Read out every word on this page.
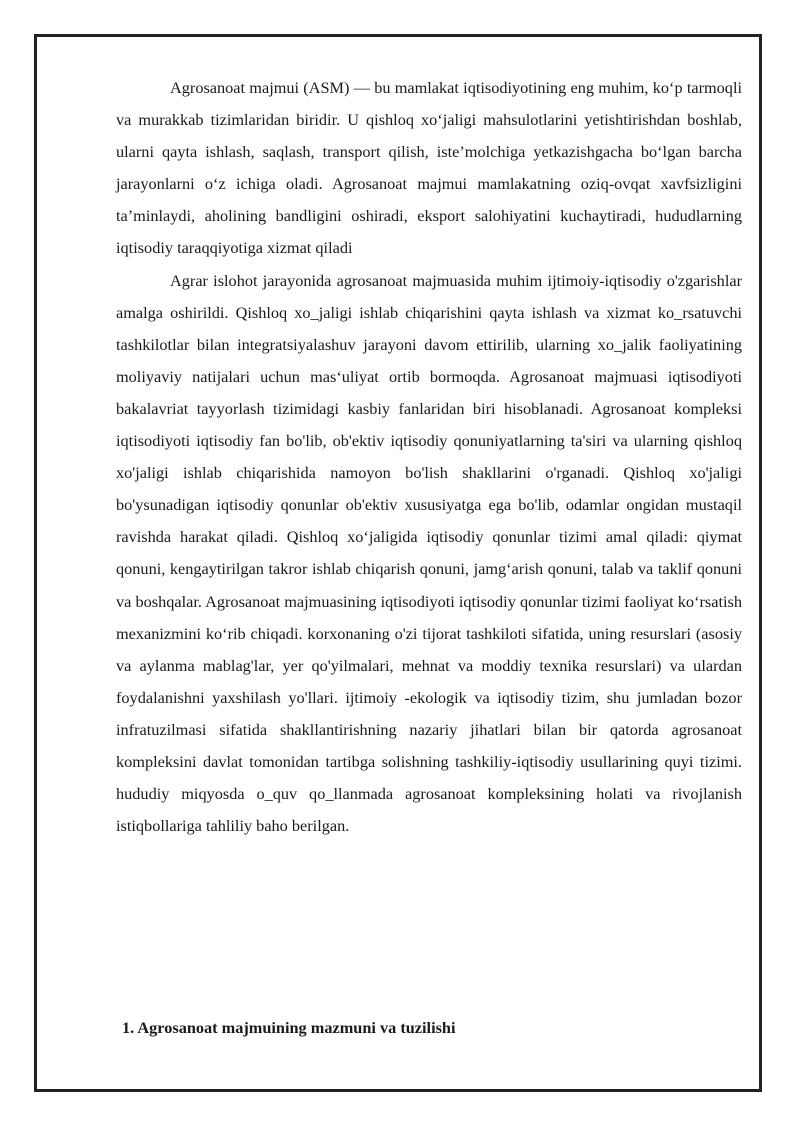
Agrosanoat majmui (ASM) — bu mamlakat iqtisodiyotining eng muhim, ko‘p tarmoqli va murakkab tizimlaridan biridir. U qishloq xo‘jaligi mahsulotlarini yetishtirishdan boshlab, ularni qayta ishlash, saqlash, transport qilish, iste’molchiga yetkazishgacha bo‘lgan barcha jarayonlarni o‘z ichiga oladi. Agrosanoat majmui mamlakatning oziq-ovqat xavfsizligini ta’minlaydi, aholining bandligini oshiradi, eksport salohiyatini kuchaytiradi, hududlarning iqtisodiy taraqqiyotiga xizmat qiladi

Agrar islohot jarayonida agrosanoat majmuasida muhim ijtimoiy-iqtisodiy o'zgarishlar amalga oshirildi. Qishloq xo_jaligi ishlab chiqarishini qayta ishlash va xizmat ko_rsatuvchi tashkilotlar bilan integratsiyalashuv jarayoni davom ettirilib, ularning xo_jalik faoliyatining moliyaviy natijalari uchun mas‘uliyat ortib bormoqda. Agrosanoat majmuasi iqtisodiyoti bakalavriat tayyorlash tizimidagi kasbiy fanlaridan biri hisoblanadi. Agrosanoat kompleksi iqtisodiyoti iqtisodiy fan bo'lib, ob'ektiv iqtisodiy qonuniyatlarning ta'siri va ularning qishloq xo'jaligi ishlab chiqarishida namoyon bo'lish shakllarini o'rganadi. Qishloq xo'jaligi bo'ysunadigan iqtisodiy qonunlar ob'ektiv xususiyatga ega bo'lib, odamlar ongidan mustaqil ravishda harakat qiladi. Qishloq xo‘jaligida iqtisodiy qonunlar tizimi amal qiladi: qiymat qonuni, kengaytirilgan takror ishlab chiqarish qonuni, jamg‘arish qonuni, talab va taklif qonuni va boshqalar. Agrosanoat majmuasining iqtisodiyoti iqtisodiy qonunlar tizimi faoliyat ko‘rsatish mexanizmini ko‘rib chiqadi. korxonaning o'zi tijorat tashkiloti sifatida, uning resurslari (asosiy va aylanma mablag'lar, yer qo'yilmalari, mehnat va moddiy texnika resurslari) va ulardan foydalanishni yaxshilash yo'llari. ijtimoiy -ekologik va iqtisodiy tizim, shu jumladan bozor infratuzilmasi sifatida shakllantirishning nazariy jihatlari bilan bir qatorda agrosanoat kompleksini davlat tomonidan tartibga solishning tashkiliy-iqtisodiy usullarining quyi tizimi. hududiy miqyosda o_quv qo_llanmada agrosanoat kompleksining holati va rivojlanish istiqbollariga tahliliy baho berilgan.

1. Agrosanoat majmuining mazmuni va tuzilishi
